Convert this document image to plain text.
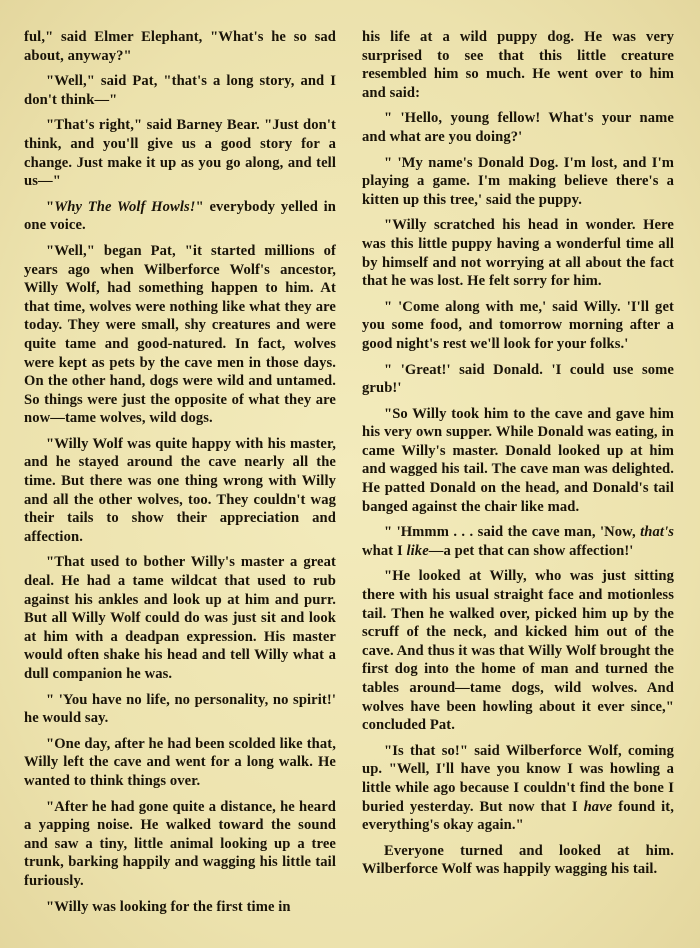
ful," said Elmer Elephant, "What's he so sad about, anyway?"

"Well," said Pat, "that's a long story, and I don't think—"

"That's right," said Barney Bear. "Just don't think, and you'll give us a good story for a change. Just make it up as you go along, and tell us—"

"Why The Wolf Howls!" everybody yelled in one voice.

"Well," began Pat, "it started millions of years ago when Wilberforce Wolf's ancestor, Willy Wolf, had something happen to him. At that time, wolves were nothing like what they are today. They were small, shy creatures and were quite tame and good-natured. In fact, wolves were kept as pets by the cave men in those days. On the other hand, dogs were wild and untamed. So things were just the opposite of what they are now—tame wolves, wild dogs.

"Willy Wolf was quite happy with his master, and he stayed around the cave nearly all the time. But there was one thing wrong with Willy and all the other wolves, too. They couldn't wag their tails to show their appreciation and affection.

"That used to bother Willy's master a great deal. He had a tame wildcat that used to rub against his ankles and look up at him and purr. But all Willy Wolf could do was just sit and look at him with a deadpan expression. His master would often shake his head and tell Willy what a dull companion he was.

" 'You have no life, no personality, no spirit!' he would say.

"One day, after he had been scolded like that, Willy left the cave and went for a long walk. He wanted to think things over.

"After he had gone quite a distance, he heard a yapping noise. He walked toward the sound and saw a tiny, little animal looking up a tree trunk, barking happily and wagging his little tail furiously.

"Willy was looking for the first time in

his life at a wild puppy dog. He was very surprised to see that this little creature resembled him so much. He went over to him and said:

" 'Hello, young fellow! What's your name and what are you doing?'

" 'My name's Donald Dog. I'm lost, and I'm playing a game. I'm making believe there's a kitten up this tree,' said the puppy.

"Willy scratched his head in wonder. Here was this little puppy having a wonderful time all by himself and not worrying at all about the fact that he was lost. He felt sorry for him.

" 'Come along with me,' said Willy. 'I'll get you some food, and tomorrow morning after a good night's rest we'll look for your folks.'

" 'Great!' said Donald. 'I could use some grub!'

"So Willy took him to the cave and gave him his very own supper. While Donald was eating, in came Willy's master. Donald looked up at him and wagged his tail. The cave man was delighted. He patted Donald on the head, and Donald's tail banged against the chair like mad.

" 'Hmmm . . . said the cave man, 'Now, that's what I like—a pet that can show affection!'

"He looked at Willy, who was just sitting there with his usual straight face and motionless tail. Then he walked over, picked him up by the scruff of the neck, and kicked him out of the cave. And thus it was that Willy Wolf brought the first dog into the home of man and turned the tables around—tame dogs, wild wolves. And wolves have been howling about it ever since," concluded Pat.

"Is that so!" said Wilberforce Wolf, coming up. "Well, I'll have you know I was howling a little while ago because I couldn't find the bone I buried yesterday. But now that I have found it, everything's okay again."

Everyone turned and looked at him. Wilberforce Wolf was happily wagging his tail.
